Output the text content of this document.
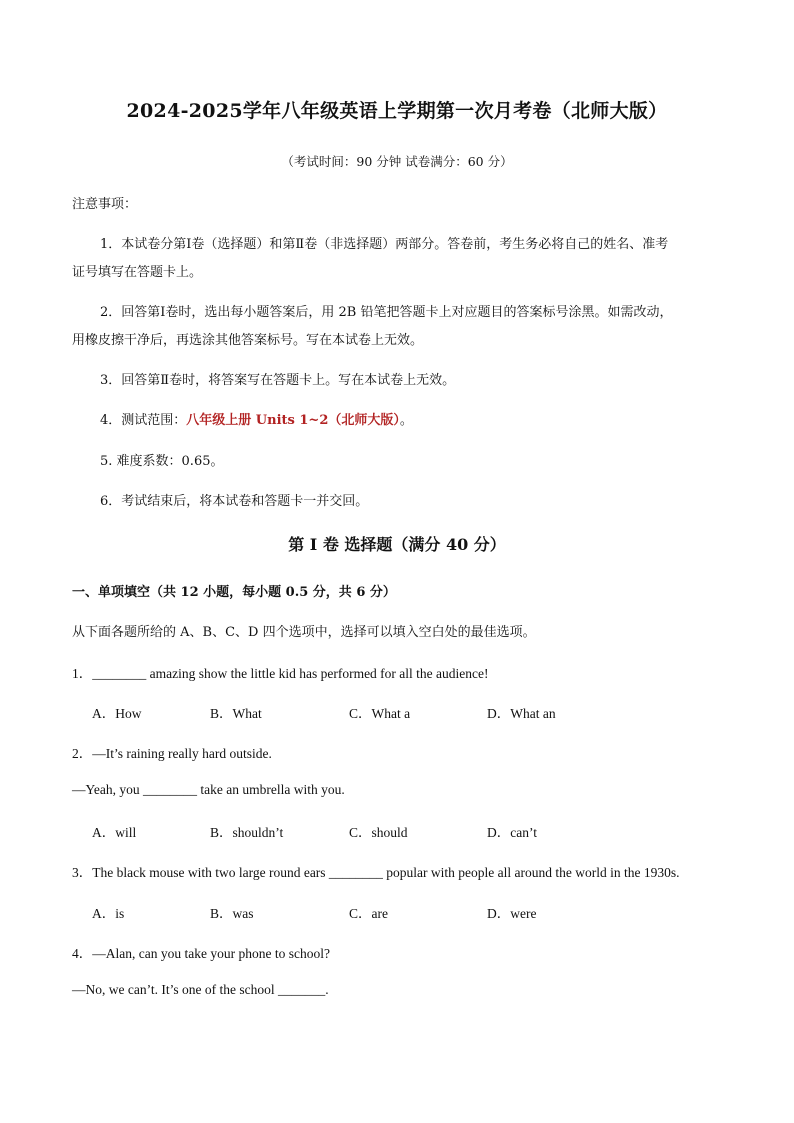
2024-2025学年八年级英语上学期第一次月考卷（北师大版）
（考试时间：90 分钟 试卷满分：60 分）
注意事项：
1．本试卷分第Ⅰ卷（选择题）和第Ⅱ卷（非选择题）两部分。答卷前，考生务必将自己的姓名、准考
证号填写在答题卡上。
2．回答第Ⅰ卷时，选出每小题答案后，用 2B 铅笔把答题卡上对应题目的答案标号涂黑。如需改动，
用橡皮擦干净后，再选涂其他答案标号。写在本试卷上无效。
3．回答第Ⅱ卷时，将答案写在答题卡上。写在本试卷上无效。
4．测试范围：八年级上册 Units 1~2（北师大版）。
5. 难度系数：0.65。
6．考试结束后，将本试卷和答题卡一并交回。
第 I 卷 选择题（满分 40 分）
一、单项填空（共 12 小题，每小题 0.5 分，共 6 分）
从下面各题所给的 A、B、C、D 四个选项中，选择可以填入空白处的最佳选项。
1．________ amazing show the little kid has performed for all the audience!
A．How	B．What	C．What a	D．What an
2．—It’s raining really hard outside.
—Yeah, you ________ take an umbrella with you.
A．will	B．shouldn’t	C．should	D．can’t
3．The black mouse with two large round ears ________ popular with people all around the world in the 1930s.
A．is	B．was	C．are	D．were
4．—Alan, can you take your phone to school?
—No, we can’t. It’s one of the school _______.
